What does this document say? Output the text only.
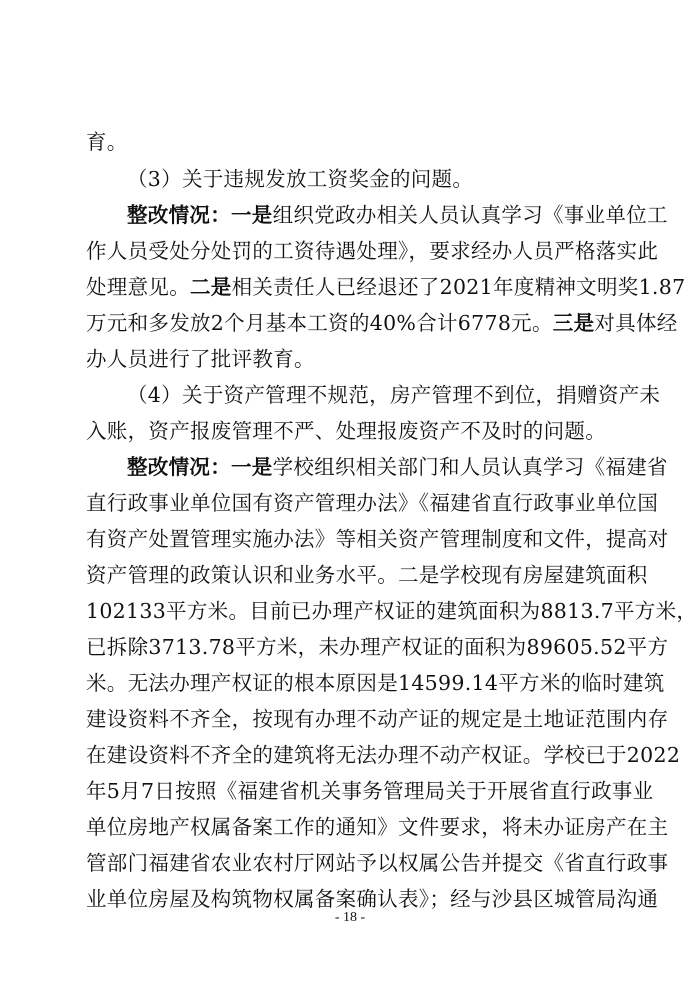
育。
（3）关于违规发放工资奖金的问题。
整改情况：一是组织党政办相关人员认真学习《事业单位工
作人员受处分处罚的工资待遇处理》，要求经办人员严格落实此
处理意见。二是相关责任人已经退还了2021年度精神文明奖1.87
万元和多发放2个月基本工资的40%合计6778元。三是对具体经
办人员进行了批评教育。
（4）关于资产管理不规范，房产管理不到位，捐赠资产未
入账，资产报废管理不严、处理报废资产不及时的问题。
整改情况：一是学校组织相关部门和人员认真学习《福建省
直行政事业单位国有资产管理办法》《福建省直行政事业单位国
有资产处置管理实施办法》等相关资产管理制度和文件，提高对
资产管理的政策认识和业务水平。二是学校现有房屋建筑面积
102133平方米。目前已办理产权证的建筑面积为8813.7平方米，
已拆除3713.78平方米，未办理产权证的面积为89605.52平方
米。无法办理产权证的根本原因是14599.14平方米的临时建筑
建设资料不齐全，按现有办理不动产证的规定是土地证范围内存
在建设资料不齐全的建筑将无法办理不动产权证。学校已于2022
年5月7日按照《福建省机关事务管理局关于开展省直行政事业
单位房地产权属备案工作的通知》文件要求，将未办证房产在主
管部门福建省农业农村厅网站予以权属公告并提交《省直行政事
业单位房屋及构筑物权属备案确认表》；经与沙县区城管局沟通
- 18 -
